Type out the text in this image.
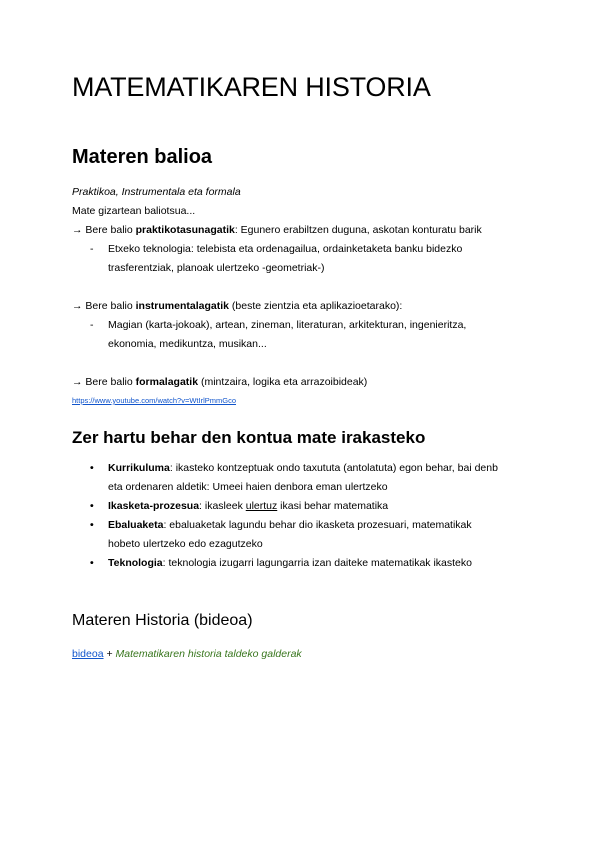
MATEMATIKAREN HISTORIA
Materen balioa
Praktikoa, Instrumentala eta formala
Mate gizartean baliotsua...
→ Bere balio praktikotasunagatik: Egunero erabiltzen duguna, askotan konturatu barik
- Etxeko teknologia: telebista eta ordenagailua, ordainketaketa banku bidezko
trasferentziak, planoak ulertzeko -geometriak-)
→ Bere balio instrumentalagatik (beste zientzia eta aplikazioetarako):
- Magian (karta-jokoak), artean, zineman, literaturan, arkitekturan, ingenieritza,
ekonomia, medikuntza, musikan...
→ Bere balio formalagatik (mintzaira, logika eta arrazoibideak)
https://www.youtube.com/watch?v=WtIrlPmmGco
Zer hartu behar den kontua mate irakasteko
• Kurrikuluma: ikasteko kontzeptuak ondo taxututa (antolatuta) egon behar, bai denb
eta ordenaren aldetik: Umeei haien denbora eman ulertzeko
• Ikasketa-prozesua: ikasleek ulertuz ikasi behar matematika
• Ebaluaketa: ebaluaketak lagundu behar dio ikasketa prozesuari, matematikak
hobeto ulertzeko edo ezagutzeko
• Teknologia: teknologia izugarri lagungarria izan daiteke matematikak ikasteko
Materen Historia (bideoa)
bideoa + Matematikaren historia taldeko galderak
